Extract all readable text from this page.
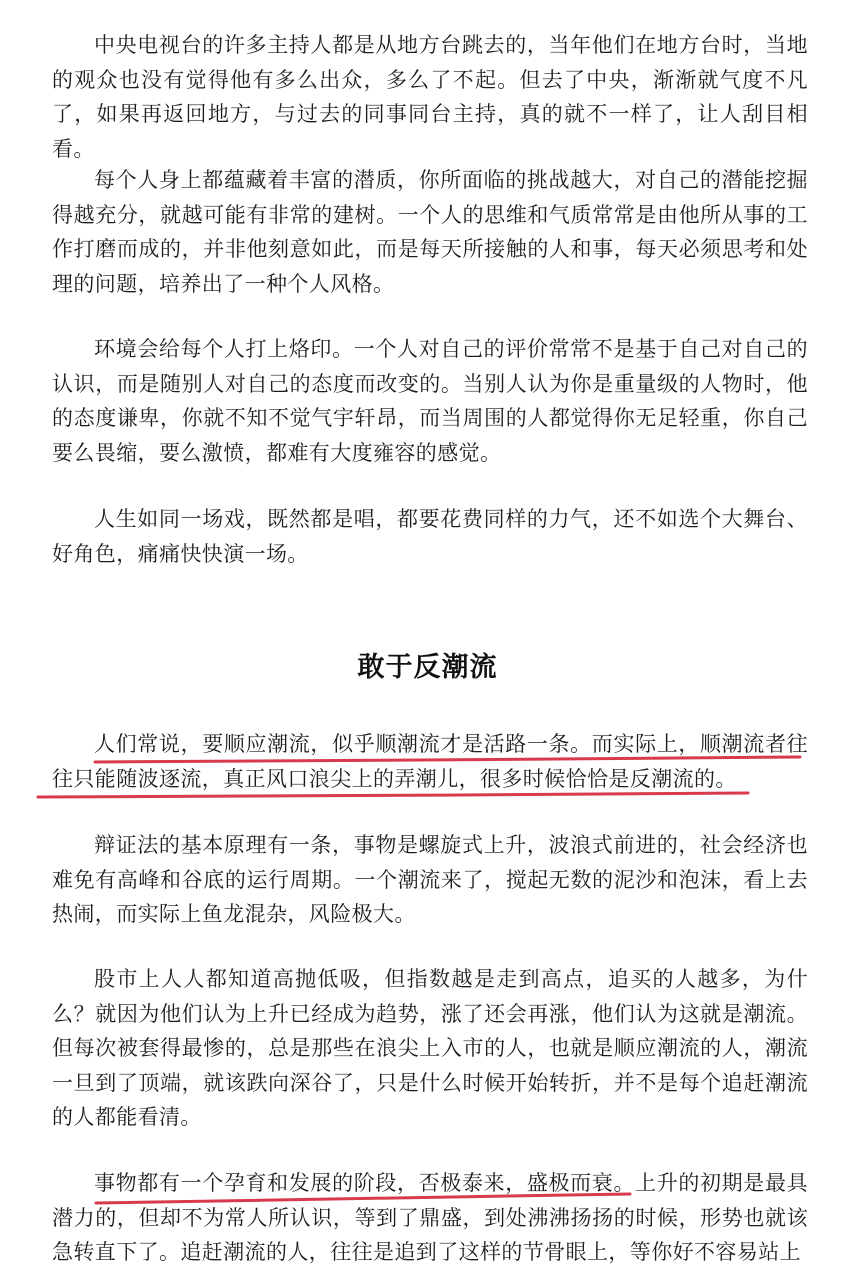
中央电视台的许多主持人都是从地方台跳去的，当年他们在地方台时，当地的观众也没有觉得他有多么出众，多么了不起。但去了中央，渐渐就气度不凡了，如果再返回地方，与过去的同事同台主持，真的就不一样了，让人刮目相看。

每个人身上都蕴藏着丰富的潜质，你所面临的挑战越大，对自己的潜能挖掘得越充分，就越可能有非常的建树。一个人的思维和气质常常是由他所从事的工作打磨而成的，并非他刻意如此，而是每天所接触的人和事，每天必须思考和处理的问题，培养出了一种个人风格。

环境会给每个人打上烙印。一个人对自己的评价常常不是基于自己对自己的认识，而是随别人对自己的态度而改变的。当别人认为你是重量级的人物时，他的态度谦卑，你就不知不觉气宇轩昂，而当周围的人都觉得你无足轻重，你自己要么畏缩，要么激愤，都难有大度雍容的感觉。

人生如同一场戏，既然都是唱，都要花费同样的力气，还不如选个大舞台、好角色，痛痛快快演一场。

敢于反潮流

人们常说，要顺应潮流，似乎顺潮流才是活路一条。而实际上，顺潮流者往往只能随波逐流，真正风口浪尖上的弄潮儿，很多时候恰恰是反潮流的。

辩证法的基本原理有一条，事物是螺旋式上升，波浪式前进的，社会经济也难免有高峰和谷底的运行周期。一个潮流来了，搅起无数的泥沙和泡沫，看上去热闹，而实际上鱼龙混杂，风险极大。

股市上人人都知道高抛低吸，但指数越是走到高点，追买的人越多，为什么？就因为他们认为上升已经成为趋势，涨了还会再涨，他们认为这就是潮流。但每次被套得最惨的，总是那些在浪尖上入市的人，也就是顺应潮流的人，潮流一旦到了顶端，就该跌向深谷了，只是什么时候开始转折，并不是每个追赶潮流的人都能看清。

事物都有一个孕育和发展的阶段，否极泰来，盛极而衰。上升的初期是最具潜力的，但却不为常人所认识，等到了鼎盛，到处沸沸扬扬的时候，形势也就该急转直下了。追赶潮流的人，往往是追到了这样的节骨眼上，等你好不容易站上
